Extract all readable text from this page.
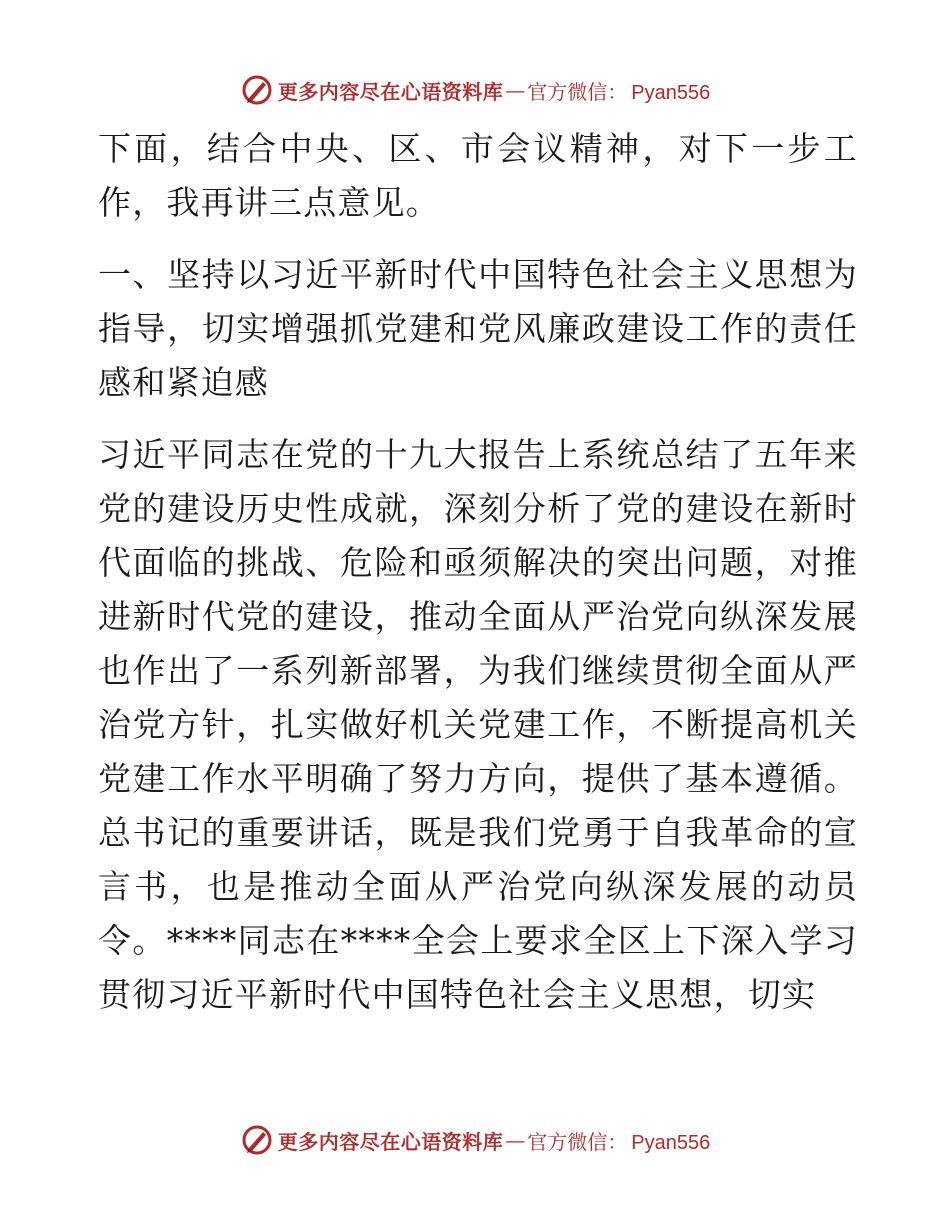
更多内容尽在心语资料库 — 官方微信： Pyan556

下面，结合中央、区、市会议精神，对下一步工作，我再讲三点意见。

一、坚持以习近平新时代中国特色社会主义思想为指导，切实增强抓党建和党风廉政建设工作的责任感和紧迫感

习近平同志在党的十九大报告上系统总结了五年来党的建设历史性成就，深刻分析了党的建设在新时代面临的挑战、危险和亟须解决的突出问题，对推进新时代党的建设，推动全面从严治党向纵深发展也作出了一系列新部署，为我们继续贯彻全面从严治党方针，扎实做好机关党建工作，不断提高机关党建工作水平明确了努力方向，提供了基本遵循。总书记的重要讲话，既是我们党勇于自我革命的宣言书，也是推动全面从严治党向纵深发展的动员令。****同志在****全会上要求全区上下深入学习贯彻习近平新时代中国特色社会主义思想，切实

更多内容尽在心语资料库 — 官方微信： Pyan556
